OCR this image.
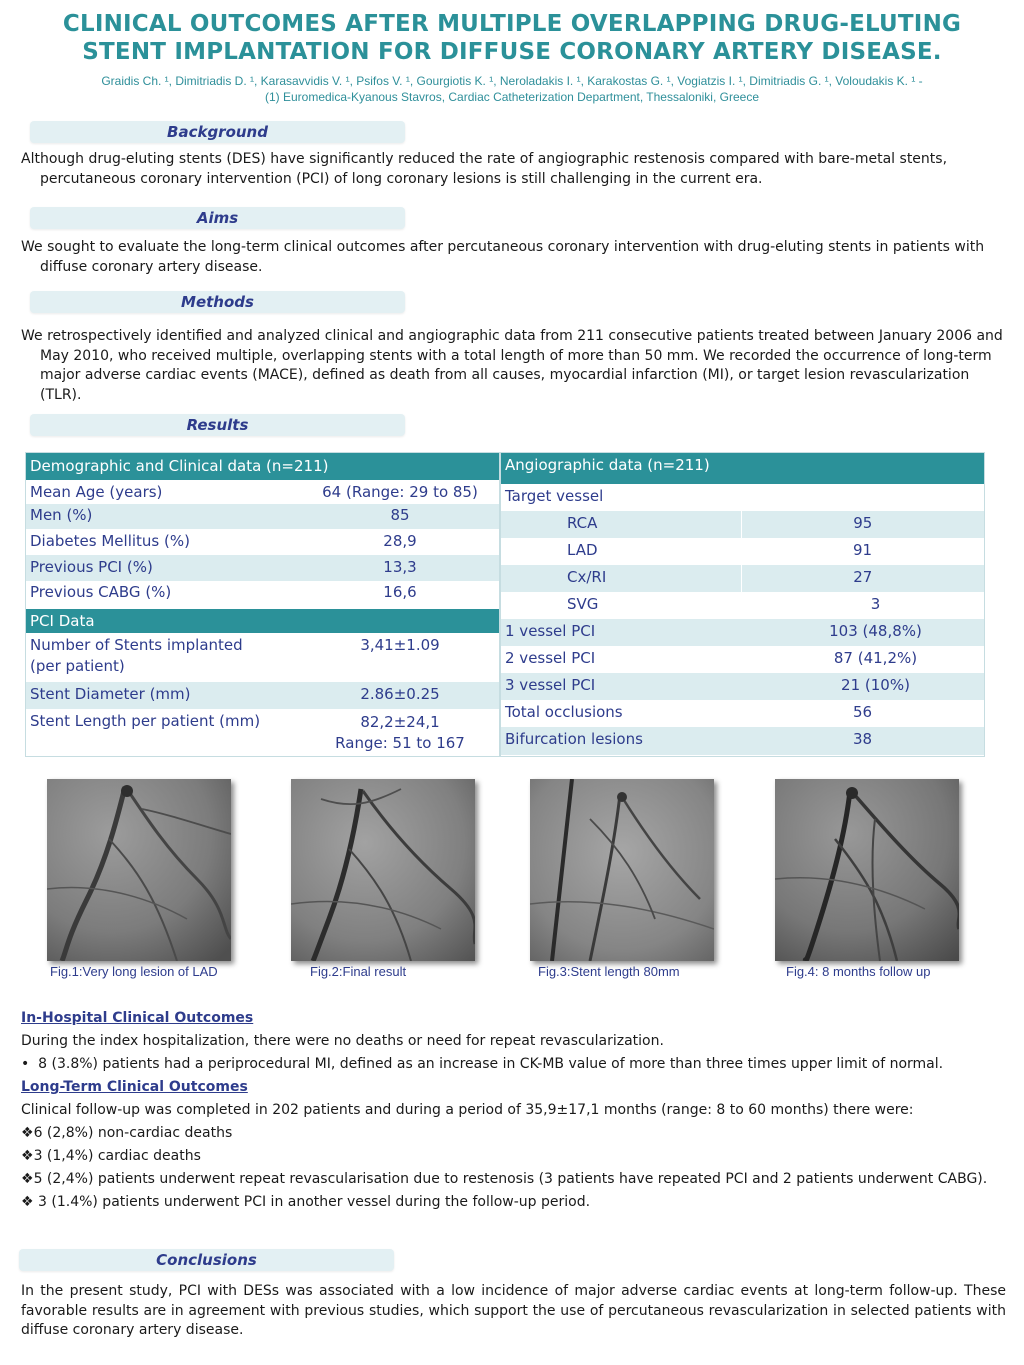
CLINICAL OUTCOMES AFTER MULTIPLE OVERLAPPING DRUG-ELUTING
STENT IMPLANTATION FOR DIFFUSE CORONARY ARTERY DISEASE.
Graidis Ch. ¹, Dimitriadis D. ¹, Karasavvidis V. ¹, Psifos V. ¹, Gourgiotis K. ¹, Neroladakis I. ¹, Karakostas G. ¹, Vogiatzis I. ¹, Dimitriadis G. ¹, Voloudakis K. ¹ -
(1) Euromedica-Kyanous Stavros, Cardiac Catheterization Department, Thessaloniki, Greece
Background

Although drug-eluting stents (DES) have significantly reduced the rate of angiographic restenosis compared with bare-metal stents, percutaneous coronary intervention (PCI) of long coronary lesions is still challenging in the current era.

Aims

We sought to evaluate the long-term clinical outcomes after percutaneous coronary intervention with drug-eluting stents in patients with diffuse coronary artery disease.

Methods

We retrospectively identified and analyzed clinical and angiographic data from 211 consecutive patients treated between January 2006 and May 2010, who received multiple, overlapping stents with a total length of more than 50 mm. We recorded the occurrence of long-term major adverse cardiac events (MACE), defined as death from all causes, myocardial infarction (MI), or target lesion revascularization (TLR).

Results
Demographic and Clinical data (n=211)	
Mean Age (years)	64 (Range: 29 to 85)
Men (%)	85
Diabetes Mellitus (%)	28,9
Previous PCI (%)	13,3
Previous CABG (%)	16,6
PCI Data	

Number of Stents implanted
(per patient)	3,41±1.09
Stent Diameter (mm)	2.86±0.25
Stent Length per patient (mm)	82,2±24,1
Range: 51 to 167
Angiographic data (n=211)	
Target vessel	
RCA	95
LAD	91
Cx/RI	27
SVG	3
1 vessel PCI	103 (48,8%)
2 vessel PCI	87 (41,2%)
3 vessel PCI	21 (10%)
Total occlusions	56
Bifurcation lesions	38
Fig.1:Very long lesion of LAD	Fig.2:Final result	Fig.3:Stent length 80mm	Fig.4: 8 months follow up

In-Hospital Clinical Outcomes

During the index hospitalization, there were no deaths or need for repeat revascularization.

• 8 (3.8%) patients had a periprocedural MI, defined as an increase in CK-MB value of more than three times upper limit of normal.

Long-Term Clinical Outcomes

Clinical follow-up was completed in 202 patients and during a period of 35,9±17,1 months (range: 8 to 60 months) there were:

❖6 (2,8%) non-cardiac deaths

❖3 (1,4%) cardiac deaths

❖5 (2,4%) patients underwent repeat revascularisation due to restenosis (3 patients have repeated PCI and 2 patients underwent CABG).

❖ 3 (1.4%) patients underwent PCI in another vessel during the follow-up period.

Conclusions
In the present study, PCI with DESs was associated with a low incidence of major adverse cardiac events at long-term follow-up. These favorable results are in agreement with previous studies, which support the use of percutaneous revascularization in selected patients with diffuse coronary artery disease.
